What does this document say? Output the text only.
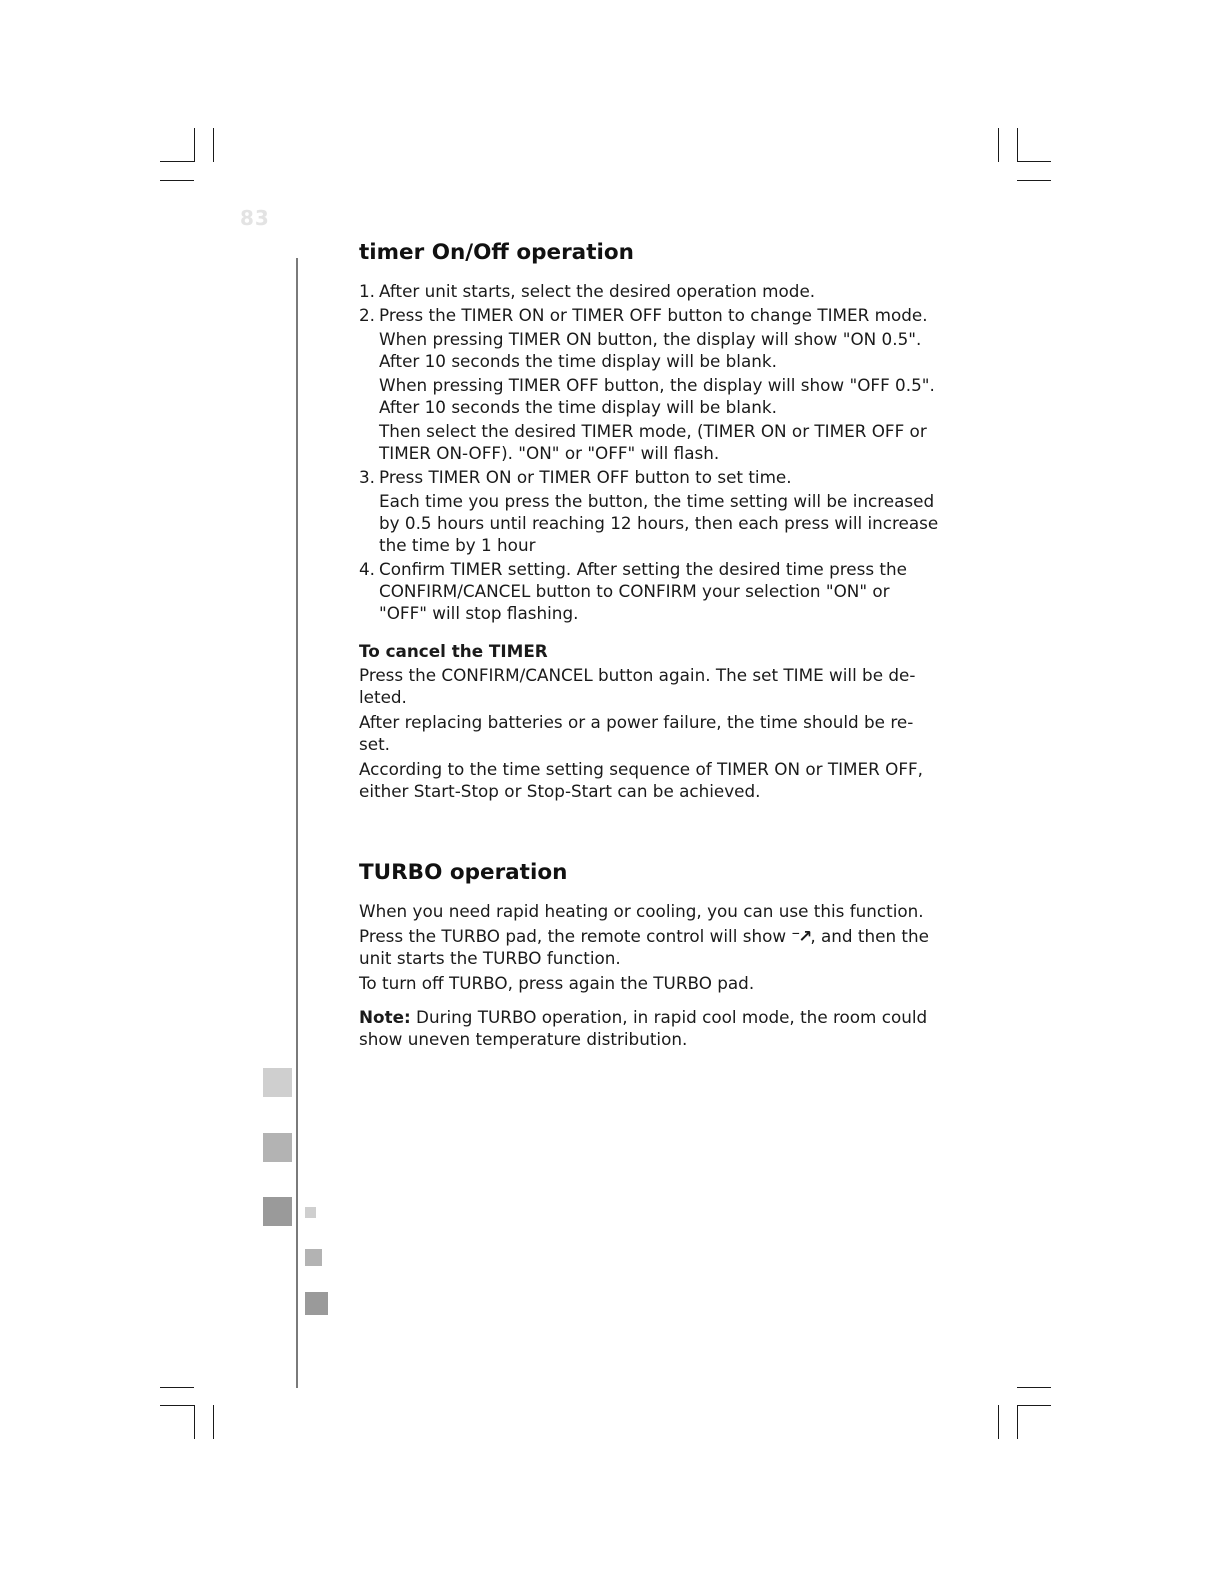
83
timer On/Off operation
1. After unit starts, select the desired operation mode.

2. Press the TIMER ON or TIMER OFF button to change TIMER mode.

When pressing TIMER ON button, the display will show "ON 0.5". After 10 seconds the time display will be blank.

When pressing TIMER OFF button, the display will show "OFF 0.5". After 10 seconds the time display will be blank.

Then select the desired TIMER mode, (TIMER ON or TIMER OFF or TIMER ON-OFF). "ON" or "OFF" will flash.

3. Press TIMER ON or TIMER OFF button to set time.

Each time you press the button, the time setting will be increased by 0.5 hours until reaching 12 hours, then each press will increase the time by 1 hour

4. Confirm TIMER setting. After setting the desired time press the CONFIRM/CANCEL button to CONFIRM your selection "ON" or "OFF" will stop flashing.

To cancel the TIMER

Press the CONFIRM/CANCEL button again. The set TIME will be de-leted.

After replacing batteries or a power failure, the time should be re-set.

According to the time setting sequence of TIMER ON or TIMER OFF, either Start-Stop or Stop-Start can be achieved.

TURBO operation

When you need rapid heating or cooling, you can use this function.

Press the TURBO pad, the remote control will show ⁻↗, and then the unit starts the TURBO function.

To turn off TURBO, press again the TURBO pad.

Note: During TURBO operation, in rapid cool mode, the room could show uneven temperature distribution.
